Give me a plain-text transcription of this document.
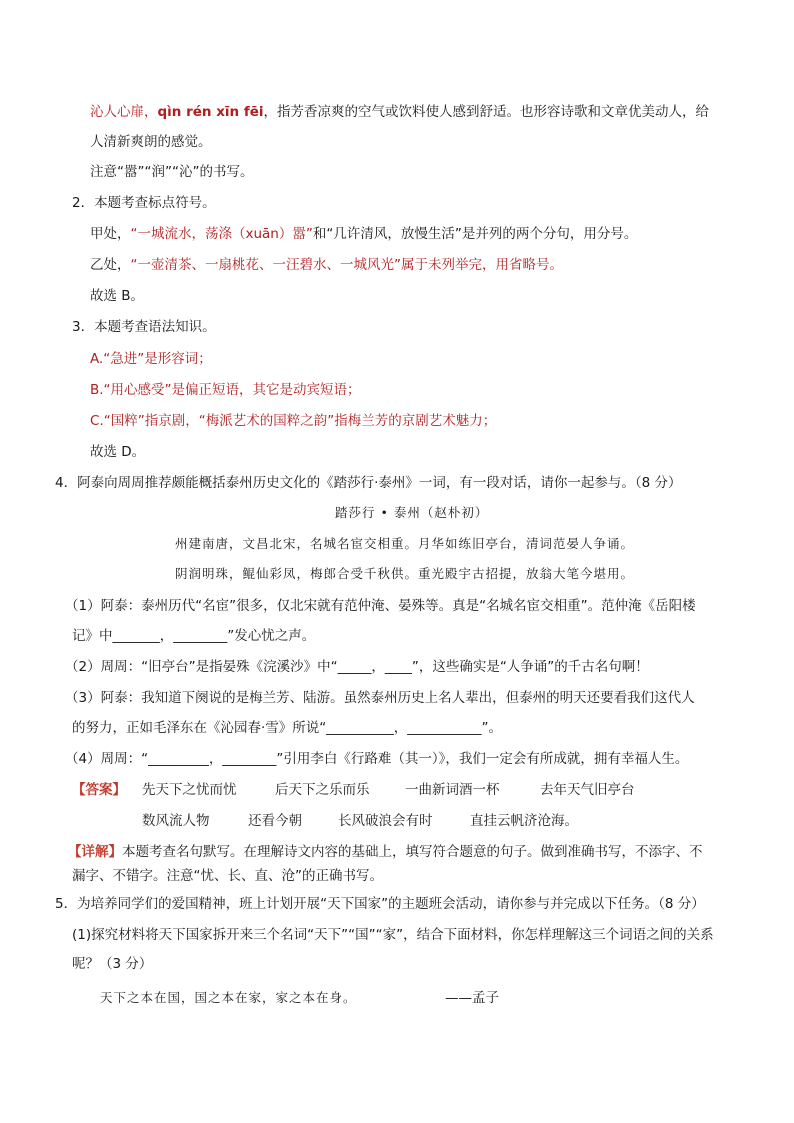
沁人心扉，qìn rén xīn fēi，指芳香凉爽的空气或饮料使人感到舒适。也形容诗歌和文章优美动人，给
人清新爽朗的感觉。
注意“嚣”“润”“沁”的书写。
2．本题考查标点符号。
甲处，“一城流水，荡涤（xuān）嚣”和“几许清风，放慢生活”是并列的两个分句，用分号。
乙处，“一壶清茶、一扇桃花、一汪碧水、一城风光”属于未列举完，用省略号。
故选 B。
3．本题考查语法知识。
A.“急进”是形容词；
B.“用心感受”是偏正短语，其它是动宾短语；
C.“国粹”指京剧，“梅派艺术的国粹之韵”指梅兰芳的京剧艺术魅力；
故选 D。
4．阿泰向周周推荐颇能概括泰州历史文化的《踏莎行·泰州》一词，有一段对话，请你一起参与。（8 分）
踏莎行 • 泰州（赵朴初）
州建南唐，文昌北宋，名城名宦交相重。月华如练旧亭台，清词范晏人争诵。
阴润明珠，鲲仙彩凤，梅郎合受千秋供。重光殿宇古招提，放翁大笔今堪用。
（1）阿泰：泰州历代“名宦”很多，仅北宋就有范仲淹、晏殊等。真是“名城名宦交相重”。范仲淹《岳阳楼
记》中_______，________”发心忧之声。
（2）周周：“旧亭台”是指晏殊《浣溪沙》中“_____，____”，这些确实是“人争诵”的千古名句啊！
（3）阿泰：我知道下阕说的是梅兰芳、陆游。虽然泰州历史上名人辈出，但泰州的明天还要看我们这代人
的努力，正如毛泽东在《沁园春·雪》所说“__________，___________”。
（4）周周：“_________，________”引用李白《行路难（其一）》，我们一定会有所成就，拥有幸福人生。
【答案】 先天下之忧而忧	后天下之乐而乐	一曲新词酒一杯	去年天气旧亭台
数风流人物	还看今朝	长风破浪会有时	直挂云帆济沧海。
【详解】本题考查名句默写。在理解诗文内容的基础上，填写符合题意的句子。做到准确书写，不添字、不
漏字、不错字。注意“忧、长、直、沧”的正确书写。
5．为培养同学们的爱国精神，班上计划开展“天下国家”的主题班会活动，请你参与并完成以下任务。（8 分）
(1)探究材料将天下国家拆开来三个名词“天下”“国”“家”，结合下面材料，你怎样理解这三个词语之间的关系
呢？（3 分）
天下之本在国，国之本在家，家之本在身。	——孟子
